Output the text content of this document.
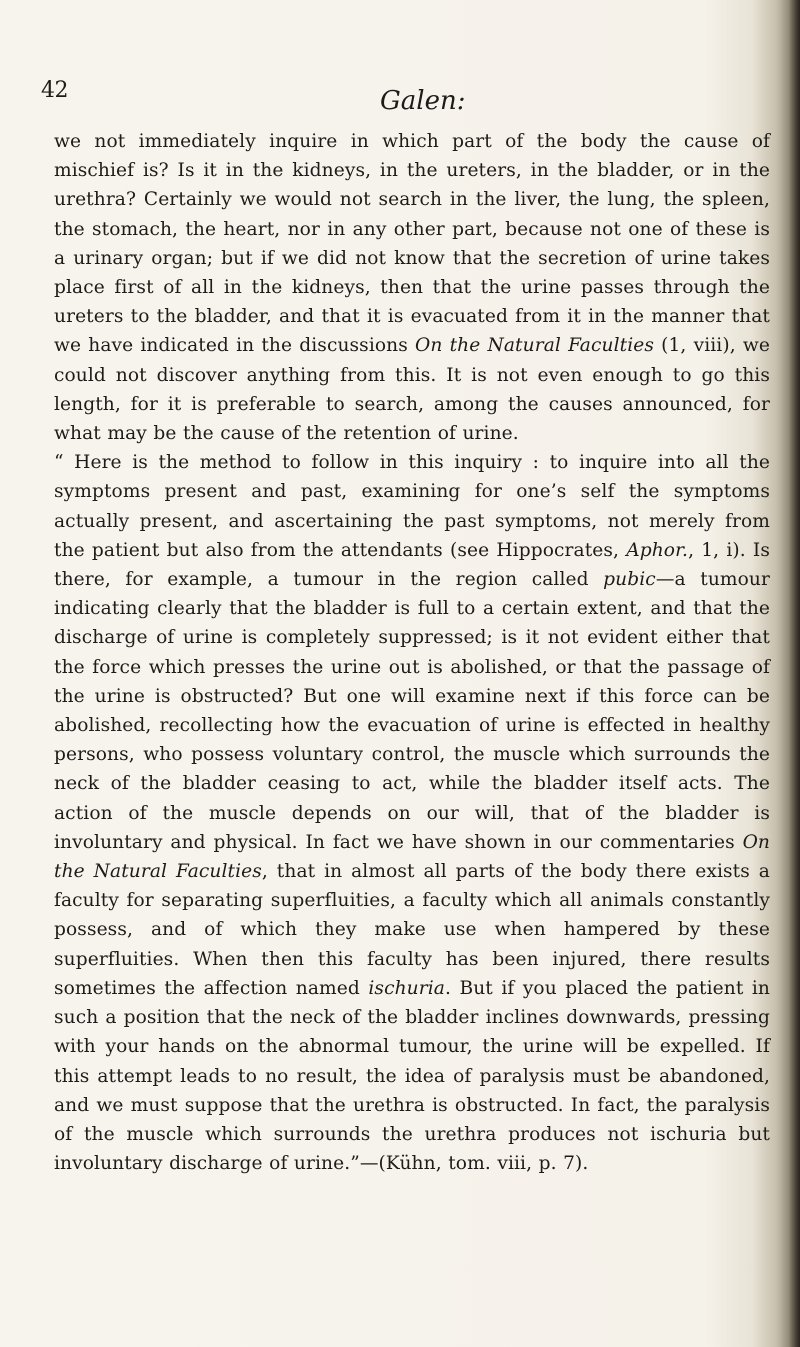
42	Galen:

we not immediately inquire in which part of the body the cause of mischief is? Is it in the kidneys, in the ureters, in the bladder, or in the urethra? Certainly we would not search in the liver, the lung, the spleen, the stomach, the heart, nor in any other part, because not one of these is a urinary organ; but if we did not know that the secretion of urine takes place first of all in the kidneys, then that the urine passes through the ureters to the bladder, and that it is evacuated from it in the manner that we have indicated in the discussions On the Natural Faculties (1, viii), we could not discover anything from this. It is not even enough to go this length, for it is preferable to search, among the causes announced, for what may be the cause of the retention of urine.

“ Here is the method to follow in this inquiry : to inquire into all the symptoms present and past, examining for one’s self the symptoms actually present, and ascertaining the past symptoms, not merely from the patient but also from the attendants (see Hippocrates, Aphor., 1, i). Is there, for example, a tumour in the region called pubic—a tumour indicating clearly that the bladder is full to a certain extent, and that the discharge of urine is completely suppressed; is it not evident either that the force which presses the urine out is abolished, or that the passage of the urine is obstructed? But one will examine next if this force can be abolished, recollecting how the evacuation of urine is effected in healthy persons, who possess voluntary control, the muscle which surrounds the neck of the bladder ceasing to act, while the bladder itself acts. The action of the muscle depends on our will, that of the bladder is involuntary and physical. In fact we have shown in our commentaries On the Natural Faculties, that in almost all parts of the body there exists a faculty for separating superfluities, a faculty which all animals constantly possess, and of which they make use when hampered by these superfluities. When then this faculty has been injured, there results sometimes the affection named ischuria. But if you placed the patient in such a position that the neck of the bladder inclines downwards, pressing with your hands on the abnormal tumour, the urine will be expelled. If this attempt leads to no result, the idea of paralysis must be abandoned, and we must suppose that the urethra is obstructed. In fact, the paralysis of the muscle which surrounds the urethra produces not ischuria but involuntary discharge of urine.”—(Kühn, tom. viii, p. 7).
